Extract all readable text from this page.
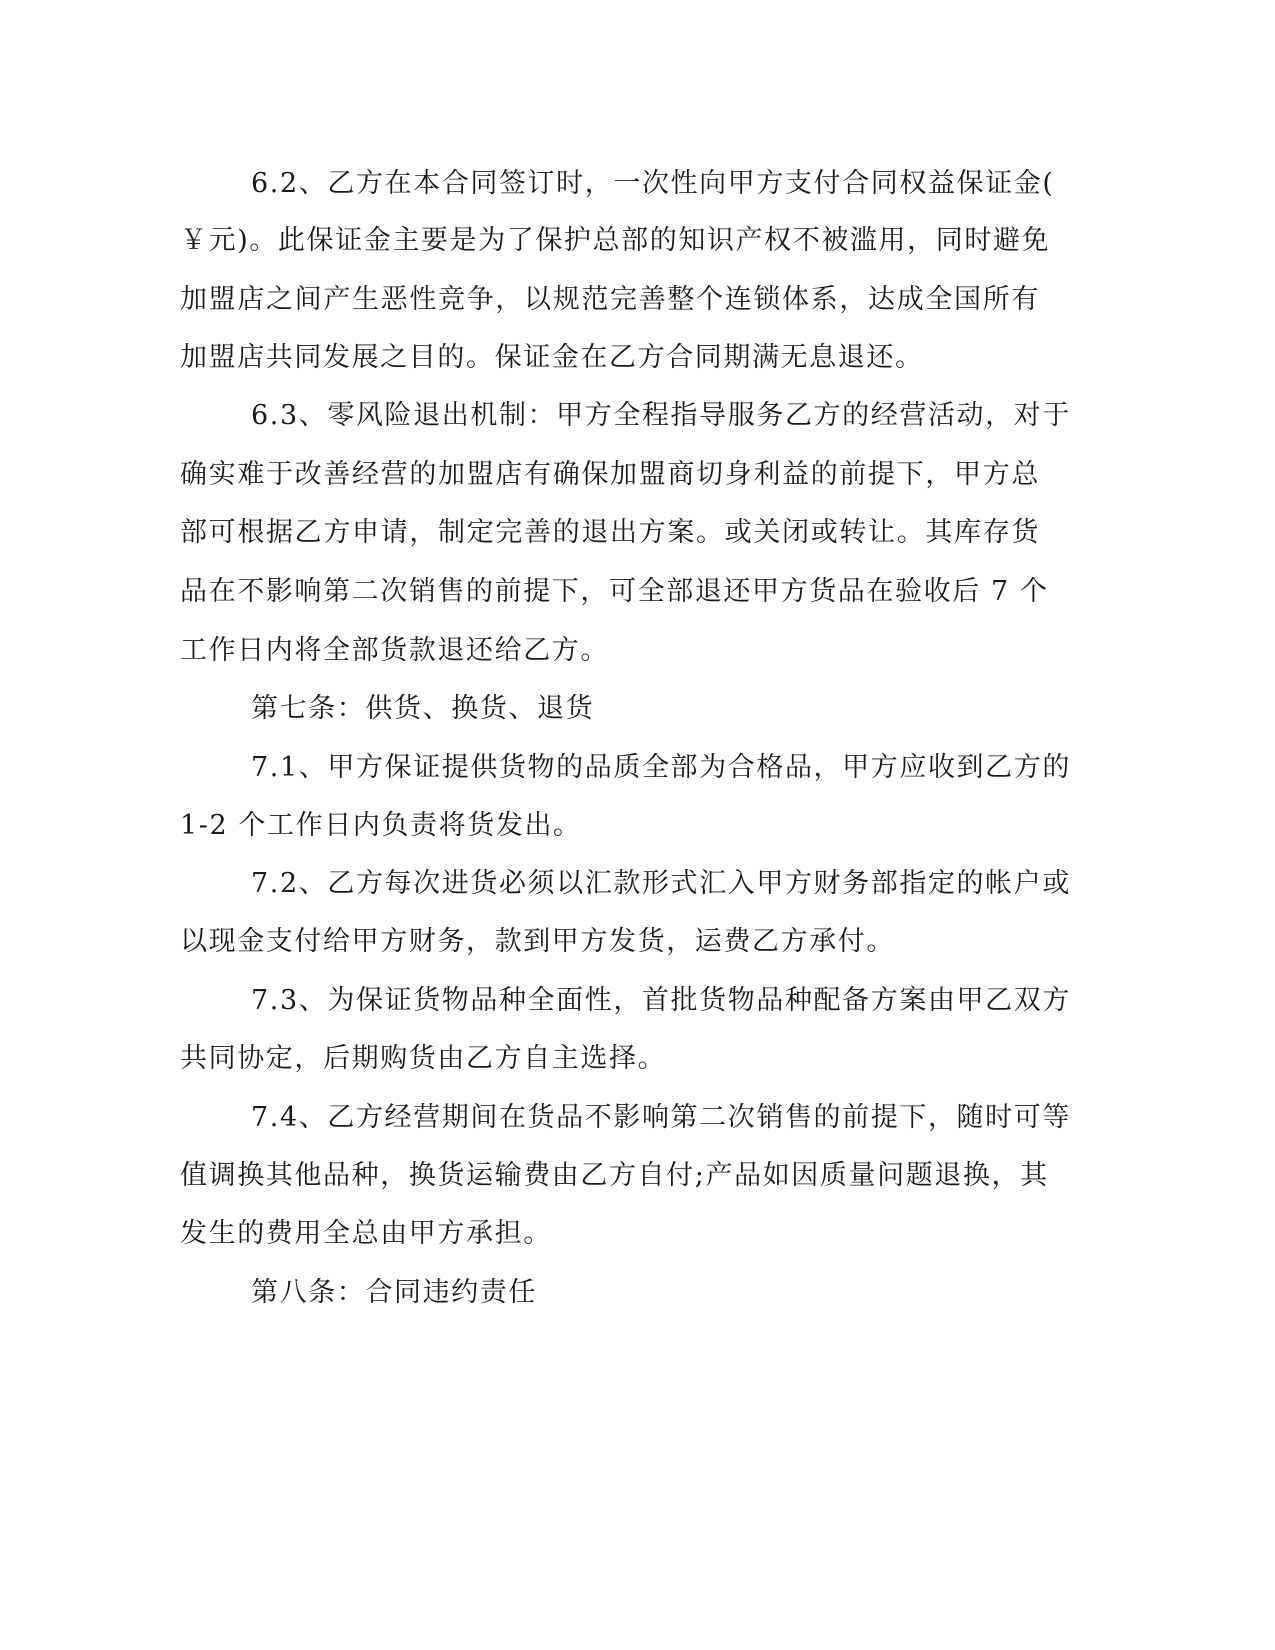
6.2、乙方在本合同签订时，一次性向甲方支付合同权益保证金(
￥元)。此保证金主要是为了保护总部的知识产权不被滥用，同时避免
加盟店之间产生恶性竞争，以规范完善整个连锁体系，达成全国所有
加盟店共同发展之目的。保证金在乙方合同期满无息退还。
6.3、零风险退出机制：甲方全程指导服务乙方的经营活动，对于
确实难于改善经营的加盟店有确保加盟商切身利益的前提下，甲方总
部可根据乙方申请，制定完善的退出方案。或关闭或转让。其库存货
品在不影响第二次销售的前提下，可全部退还甲方货品在验收后 7 个
工作日内将全部货款退还给乙方。
第七条：供货、换货、退货
7.1、甲方保证提供货物的品质全部为合格品，甲方应收到乙方的
1-2 个工作日内负责将货发出。
7.2、乙方每次进货必须以汇款形式汇入甲方财务部指定的帐户或
以现金支付给甲方财务，款到甲方发货，运费乙方承付。
7.3、为保证货物品种全面性，首批货物品种配备方案由甲乙双方
共同协定，后期购货由乙方自主选择。
7.4、乙方经营期间在货品不影响第二次销售的前提下，随时可等
值调换其他品种，换货运输费由乙方自付;产品如因质量问题退换，其
发生的费用全总由甲方承担。
第八条：合同违约责任
